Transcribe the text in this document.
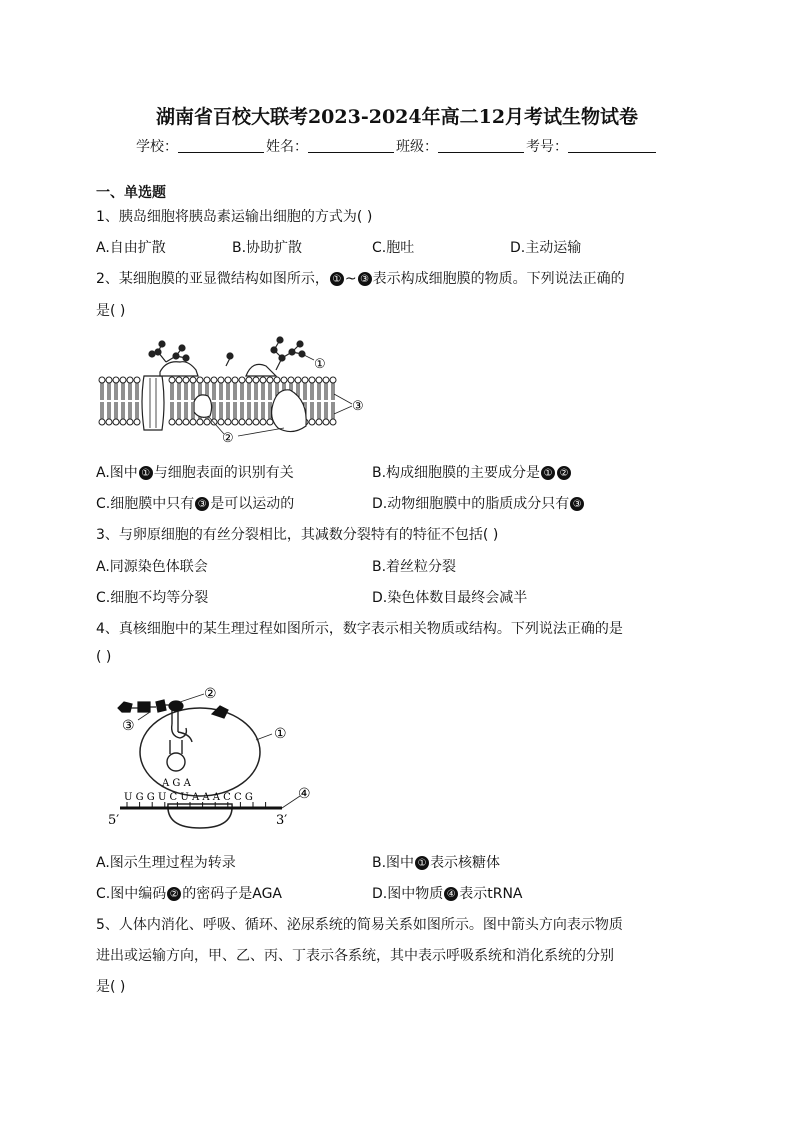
湖南省百校大联考2023-2024年高二12月考试生物试卷
学校：	姓名：	班级：	考号：
一、单选题
1、胰岛细胞将胰岛素运输出细胞的方式为( )
A.自由扩散	B.协助扩散	C.胞吐	D.主动运输
2、某细胞膜的亚显微结构如图所示， ① ~ ③ 表示构成细胞膜的物质。下列说法正确的
是( )
①
②
③
A.图中 ① 与细胞表面的识别有关	B.构成细胞膜的主要成分是 ① ②
C.细胞膜中只有 ③ 是可以运动的	D.动物细胞膜中的脂质成分只有 ③
3、与卵原细胞的有丝分裂相比，其减数分裂特有的特征不包括( )
A.同源染色体联会	B.着丝粒分裂
C.细胞不均等分裂	D.染色体数目最终会减半
4、真核细胞中的某生理过程如图所示，数字表示相关物质或结构。下列说法正确的是
( )
A G A
②
③	①
U G G U C U A A A C C G	④
5′	3′
A.图示生理过程为转录	B.图中 ① 表示核糖体
C.图中编码 ② 的密码子是AGA	D.图中物质 ④ 表示tRNA
5、人体内消化、呼吸、循环、泌尿系统的简易关系如图所示。图中箭头方向表示物质
进出或运输方向，甲、乙、丙、丁表示各系统，其中表示呼吸系统和消化系统的分别
是( )
